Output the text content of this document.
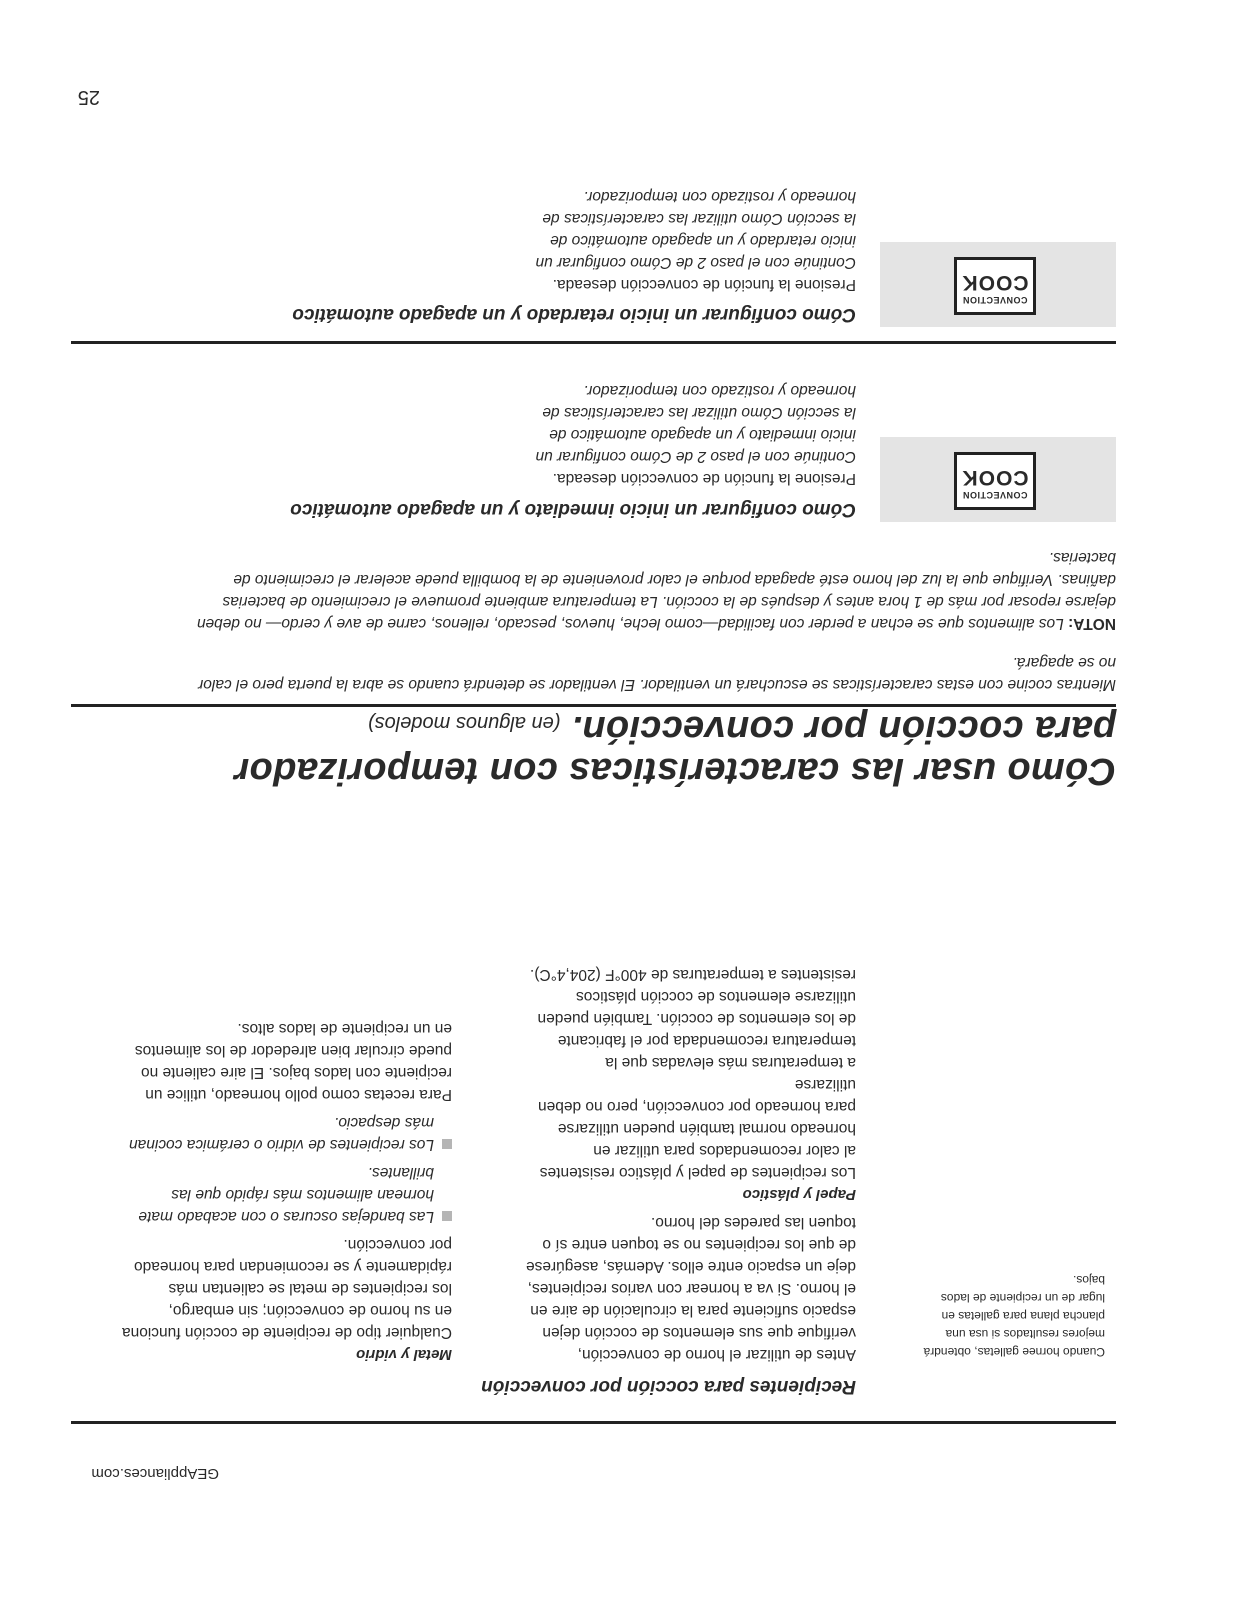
GEAppliances.com
Recipientes para cocción por convección
Cuando hornee galletas, obtendrá
mejores resultados si usa una
plancha plana para galletas en
lugar de un recipiente de lados
bajos.

Antes de utilizar el horno de convección,

verifique que sus elementos de cocción dejen

espacio suficiente para la circulación de aire en

el horno. Si va a hornear con varios recipientes,

deje un espacio entre ellos. Además, asegúrese

de que los recipientes no se toquen entre sí o

toquen las paredes del horno.

Papel y plástico

Los recipientes de papel y plástico resistentes

al calor recomendados para utilizar en

horneado normal también pueden utilizarse

para horneado por convección, pero no deben

utilizarse

a temperaturas más elevadas que la

temperatura recomendada por el fabricante

de los elementos de cocción. También pueden

utilizarse elementos de cocción plásticos

resistentes a temperaturas de 400°F (204,4°C).

Metal y vidrio

Cualquier tipo de recipiente de cocción funciona

en su horno de convección; sin embargo,

los recipientes de metal se calientan más

rápidamente y se recomiendan para horneado

por convección.

Las bandejas oscuras o con acabado mate

hornean alimentos más rápido que las

brillantes.

Los recipientes de vidrio o cerámica cocinan

más despacio.

Para recetas como pollo horneado, utilice un

recipiente con lados bajos. El aire caliente no

puede circular bien alrededor de los alimentos

en un recipiente de lados altos.

Cómo usar las características con temporizador
para cocción por convección. (en algunos modelos)

Mientras cocine con estas características se escuchará un ventilador. El ventilador se detendrá cuando se abra la puerta pero el calor

no se apagará.

NOTA: Los alimentos que se echan a perder con facilidad—como leche, huevos, pescado, rellenos, carne de ave y cerdo— no deben

dejarse reposar por más de 1 hora antes y después de la cocción. La temperatura ambiente promueve el crecimiento de bacterias

dañinas. Verifique que la luz del horno esté apagada porque el calor proveniente de la bombilla puede acelerar el crecimiento de

bacterias.

CONVECTION
COOK
Cómo configurar un inicio inmediato y un apagado automático

Presione la función de convección deseada.

Continúe con el paso 2 de Cómo configurar un

inicio inmediato y un apagado automático de

la sección Cómo utilizar las características de

horneado y rostizado con temporizador.

CONVECTION
COOK
Cómo configurar un inicio retardado y un apagado automático

Presione la función de convección deseada.

Continúe con el paso 2 de Cómo configurar un

inicio retardado y un apagado automático de

la sección Cómo utilizar las características de

horneado y rostizado con temporizador.

25
